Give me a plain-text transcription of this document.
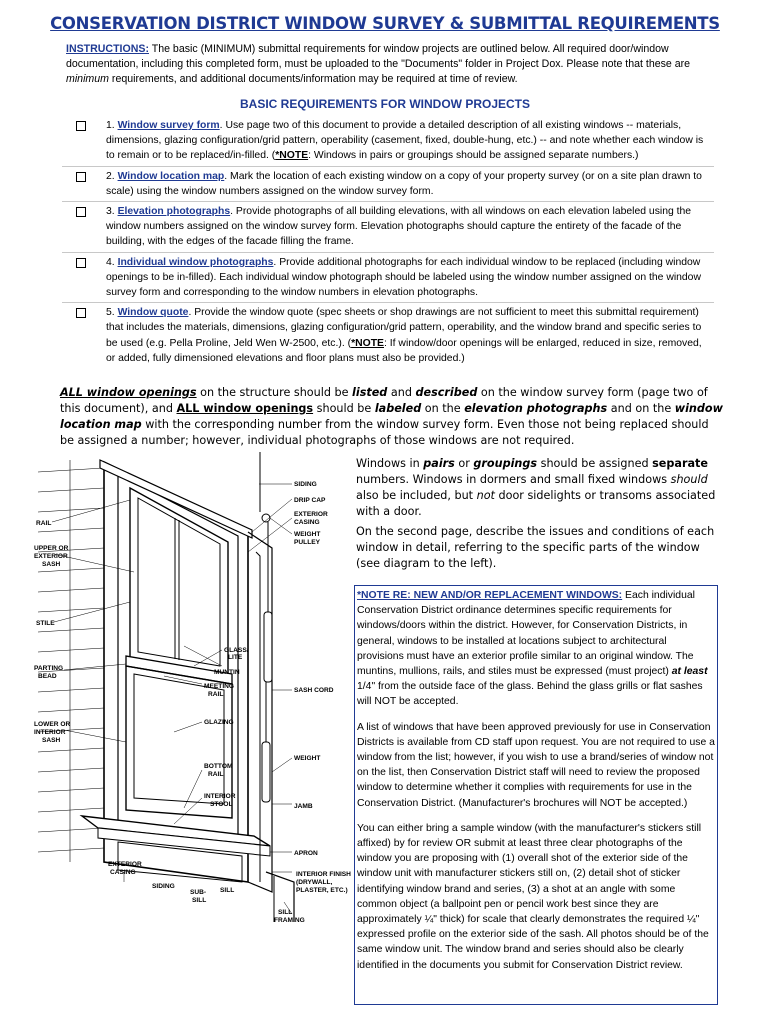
CONSERVATION DISTRICT WINDOW SURVEY & SUBMITTAL REQUIREMENTS
INSTRUCTIONS: The basic (MINIMUM) submittal requirements for window projects are outlined below. All required door/window documentation, including this completed form, must be uploaded to the "Documents" folder in Project Dox. Please note that these are minimum requirements, and additional documents/information may be required at time of review.
BASIC REQUIREMENTS FOR WINDOW PROJECTS
1. Window survey form. Use page two of this document to provide a detailed description of all existing windows -- materials, dimensions, glazing configuration/grid pattern, operability (casement, fixed, double-hung, etc.) -- and note whether each window is to remain or to be replaced/in-filled. (*NOTE: Windows in pairs or groupings should be assigned separate numbers.)
2. Window location map. Mark the location of each existing window on a copy of your property survey (or on a site plan drawn to scale) using the window numbers assigned on the window survey form.
3. Elevation photographs. Provide photographs of all building elevations, with all windows on each elevation labeled using the window numbers assigned on the window survey form. Elevation photographs should capture the entirety of the facade of the building, with the edges of the facade filling the frame.
4. Individual window photographs. Provide additional photographs for each individual window to be replaced (including window openings to be in-filled). Each individual window photograph should be labeled using the window number assigned on the window survey form and corresponding to the window numbers in elevation photographs.
5. Window quote. Provide the window quote (spec sheets or shop drawings are not sufficient to meet this submittal requirement) that includes the materials, dimensions, glazing configuration/grid pattern, operability, and the window brand and specific series to be used (e.g. Pella Proline, Jeld Wen W-2500, etc.). (*NOTE: If window/door openings will be enlarged, reduced in size, removed, or added, fully dimensioned elevations and floor plans must also be provided.)
ALL window openings on the structure should be listed and described on the window survey form (page two of this document), and ALL window openings should be labeled on the elevation photographs and on the window location map with the corresponding number from the window survey form. Even those not being replaced should be assigned a number; however, individual photographs of those windows are not required.
SIDING
DRIP CAP
EXTERIOR
CASING
WEIGHT
PULLEY
RAIL
UPPER OR
EXTERIOR
SASH
STILE
GLASS/
LITE
MUNTIN
PARTING
BEAD
MEETING
RAIL
SASH CORD
LOWER OR
INTERIOR
SASH
GLAZING
WEIGHT
BOTTOM
RAIL
INTERIOR
STOOL	JAMB
APRON
EXTERIOR
CASING
SIDING
SUB-
SILL
SILL
INTERIOR FINISH
(DRYWALL,
PLASTER, ETC.)
SILL
FRAMING
Windows in pairs or groupings should be assigned separate numbers. Windows in dormers and small fixed windows should also be included, but not door sidelights or transoms associated with a door.
On the second page, describe the issues and conditions of each window in detail, referring to the specific parts of the window (see diagram to the left).

*NOTE RE: NEW AND/OR REPLACEMENT WINDOWS: Each individual Conservation District ordinance determines specific requirements for windows/doors within the district. However, for Conservation Districts, in general, windows to be installed at locations subject to architectural provisions must have an exterior profile similar to an original window. The muntins, mullions, rails, and stiles must be expressed (must project) at least 1/4" from the outside face of the glass. Behind the glass grills or flat sashes will NOT be accepted.

A list of windows that have been approved previously for use in Conservation Districts is available from CD staff upon request. You are not required to use a window from the list; however, if you wish to use a brand/series of window not on the list, then Conservation District staff will need to review the proposed window to determine whether it complies with requirements for use in the Conservation District. (Manufacturer's brochures will NOT be accepted.)

You can either bring a sample window (with the manufacturer's stickers still affixed) by for review OR submit at least three clear photographs of the window you are proposing with (1) overall shot of the exterior side of the window unit with manufacturer stickers still on, (2) detail shot of sticker identifying window brand and series, (3) a shot at an angle with some common object (a ballpoint pen or pencil work best since they are approximately ¼" thick) for scale that clearly demonstrates the required ¼" expressed profile on the exterior side of the sash. All photos should be of the same window unit. The window brand and series should also be clearly identified in the documents you submit for Conservation District review.
